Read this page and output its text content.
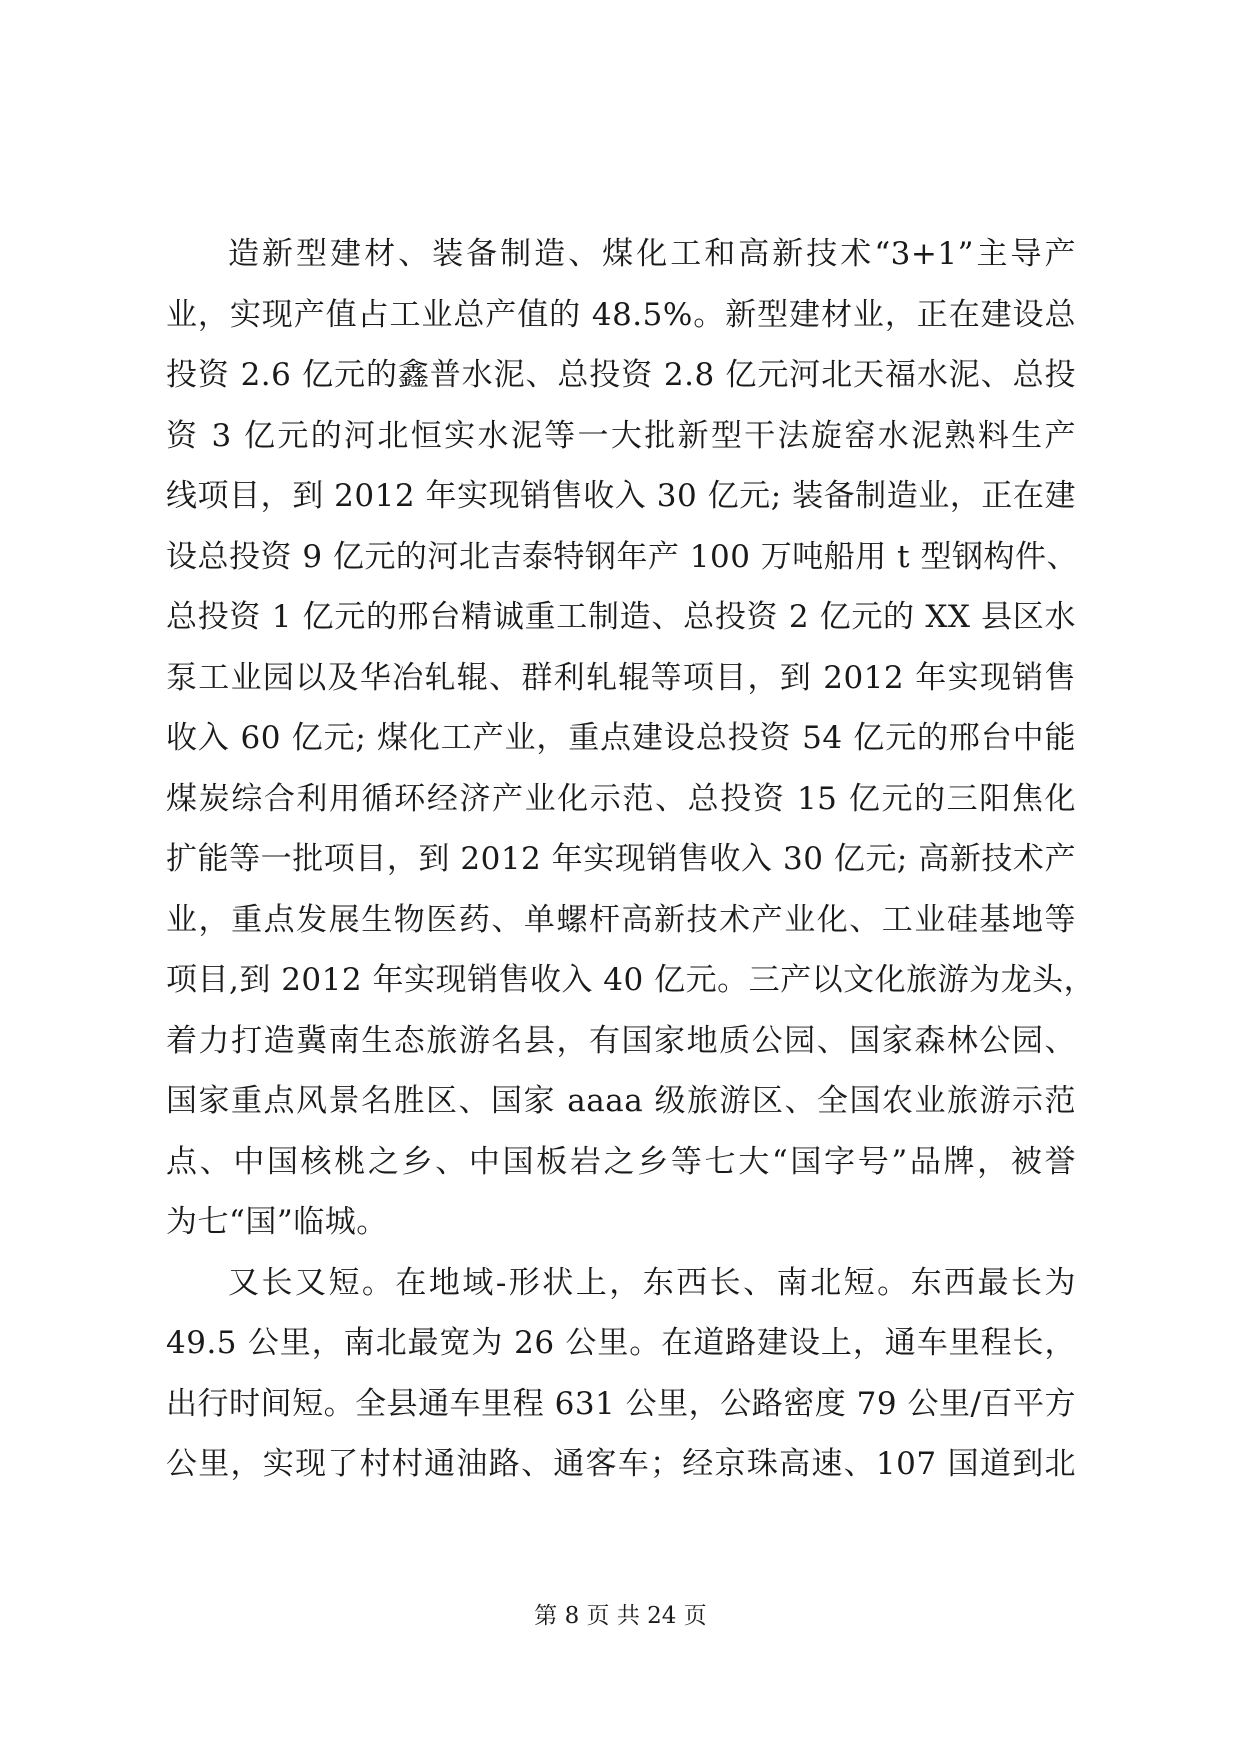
造新型建材、装备制造、煤化工和高新技术“3+1”主导产
业，实现产值占工业总产值的 48.5%。新型建材业，正在建设总
投资 2.6 亿元的鑫普水泥、总投资 2.8 亿元河北天福水泥、总投
资 3 亿元的河北恒实水泥等一大批新型干法旋窑水泥熟料生产
线项目，到 2012 年实现销售收入 30 亿元; 装备制造业，正在建
设总投资 9 亿元的河北吉泰特钢年产 100 万吨船用 t 型钢构件、
总投资 1 亿元的邢台精诚重工制造、总投资 2 亿元的 XX 县区水
泵工业园以及华冶轧辊、群利轧辊等项目，到 2012 年实现销售
收入 60 亿元; 煤化工产业，重点建设总投资 54 亿元的邢台中能
煤炭综合利用循环经济产业化示范、总投资 15 亿元的三阳焦化
扩能等一批项目，到 2012 年实现销售收入 30 亿元; 高新技术产
业，重点发展生物医药、单螺杆高新技术产业化、工业硅基地等
项目,到 2012 年实现销售收入 40 亿元。三产以文化旅游为龙头，
着力打造冀南生态旅游名县，有国家地质公园、国家森林公园、
国家重点风景名胜区、国家 aaaa 级旅游区、全国农业旅游示范
点、中国核桃之乡、中国板岩之乡等七大“国字号”品牌，被誉
为七“国”临城。
又长又短。在地域-形状上，东西长、南北短。东西最长为
49.5 公里，南北最宽为 26 公里。在道路建设上，通车里程长，
出行时间短。全县通车里程 631 公里，公路密度 79 公里/百平方
公里，实现了村村通油路、通客车；经京珠高速、107 国道到北
第 8 页 共 24 页
